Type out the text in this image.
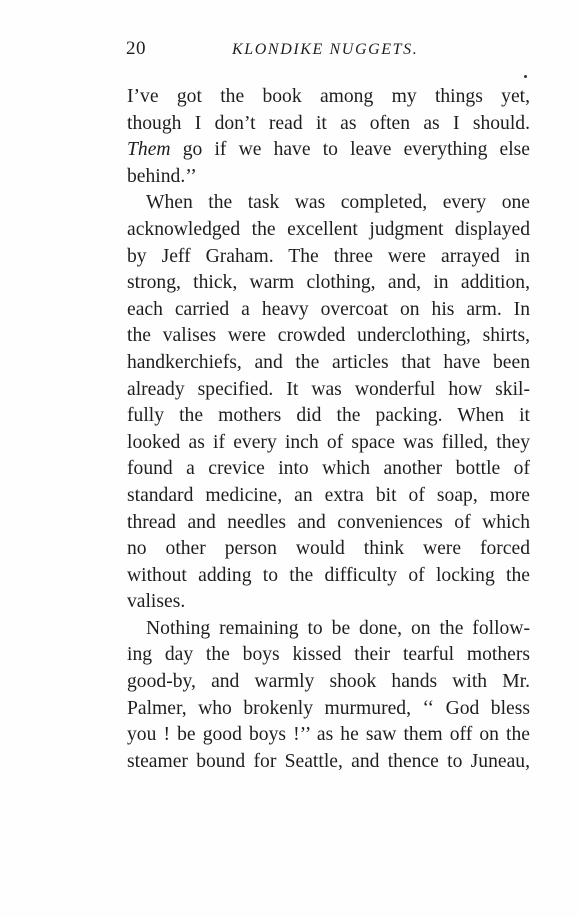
20	KLONDIKE NUGGETS.
I’ve got the book among my things yet,
though I don’t read it as often as I should.
Them go if we have to leave everything else
behind.’’
When the task was completed, every one
acknowledged the excellent judgment displayed
by Jeff Graham. The three were arrayed in
strong, thick, warm clothing, and, in addition,
each carried a heavy overcoat on his arm. In
the valises were crowded underclothing, shirts,
handkerchiefs, and the articles that have been
already specified. It was wonderful how skil-
fully the mothers did the packing. When it
looked as if every inch of space was filled, they
found a crevice into which another bottle of
standard medicine, an extra bit of soap, more
thread and needles and conveniences of which
no other person would think were forced
without adding to the difficulty of locking the
valises.
Nothing remaining to be done, on the follow-
ing day the boys kissed their tearful mothers
good-by, and warmly shook hands with Mr.
Palmer, who brokenly murmured, ‘‘ God bless
you ! be good boys !’’ as he saw them off on the
steamer bound for Seattle, and thence to Juneau,
